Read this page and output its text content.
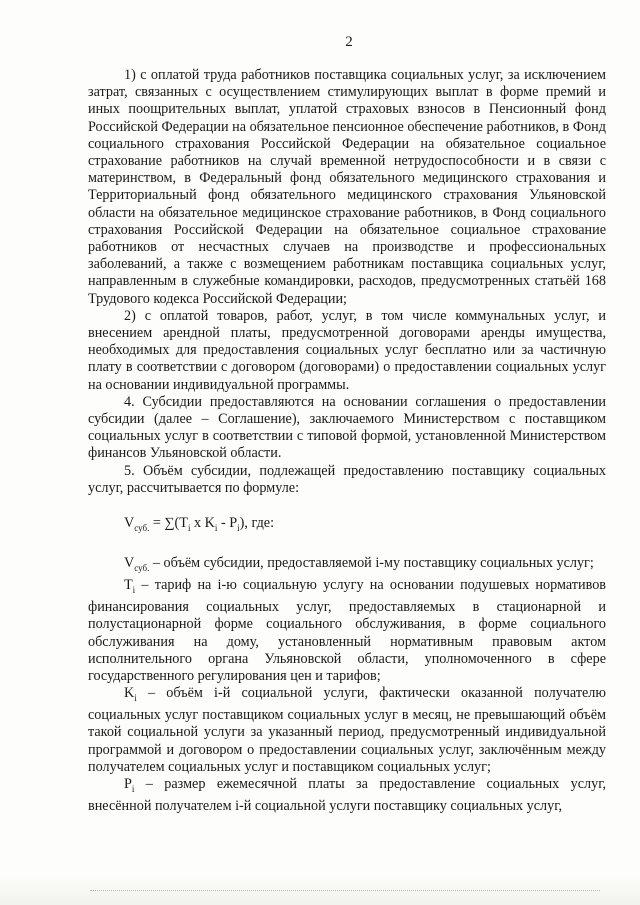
2

1) с оплатой труда работников поставщика социальных услуг, за исключением затрат, связанных с осуществлением стимулирующих выплат в форме премий и иных поощрительных выплат, уплатой страховых взносов в Пенсионный фонд Российской Федерации на обязательное пенсионное обеспечение работников, в Фонд социального страхования Российской Федерации на обязательное социальное страхование работников на случай временной нетрудоспособности и в связи с материнством, в Федеральный фонд обязательного медицинского страхования и Территориальный фонд обязательного медицинского страхования Ульяновской области на обязательное медицинское страхование работников, в Фонд социального страхования Российской Федерации на обязательное социальное страхование работников от несчастных случаев на производстве и профессиональных заболеваний, а также с возмещением работникам поставщика социальных услуг, направленным в служебные командировки, расходов, предусмотренных статьёй 168 Трудового кодекса Российской Федерации;

2) с оплатой товаров, работ, услуг, в том числе коммунальных услуг, и внесением арендной платы, предусмотренной договорами аренды имущества, необходимых для предоставления социальных услуг бесплатно или за частичную плату в соответствии с договором (договорами) о предоставлении социальных услуг на основании индивидуальной программы.

4. Субсидии предоставляются на основании соглашения о предоставлении субсидии (далее – Соглашение), заключаемого Министерством с поставщиком социальных услуг в соответствии с типовой формой, установленной Министерством финансов Ульяновской области.

5. Объём субсидии, подлежащей предоставлению поставщику социальных услуг, рассчитывается по формуле:

$V_{суб.} = \sum(T_i$ x $K_i - P_i$), где:

$V_{суб.}$ – объём субсидии, предоставляемой i-му поставщику социальных услуг;

$T_i$ – тариф на i-ю социальную услугу на основании подушевых нормативов финансирования социальных услуг, предоставляемых в стационарной и полустационарной форме социального обслуживания, в форме социального обслуживания на дому, установленный нормативным правовым актом исполнительного органа Ульяновской области, уполномоченного в сфере государственного регулирования цен и тарифов;

$K_i$ – объём i-й социальной услуги, фактически оказанной получателю социальных услуг поставщиком социальных услуг в месяц, не превышающий объём такой социальной услуги за указанный период, предусмотренный индивидуальной программой и договором о предоставлении социальных услуг, заключённым между получателем социальных услуг и поставщиком социальных услуг;

$P_i$ – размер ежемесячной платы за предоставление социальных услуг, внесённой получателем i-й социальной услуги поставщику социальных услуг,
